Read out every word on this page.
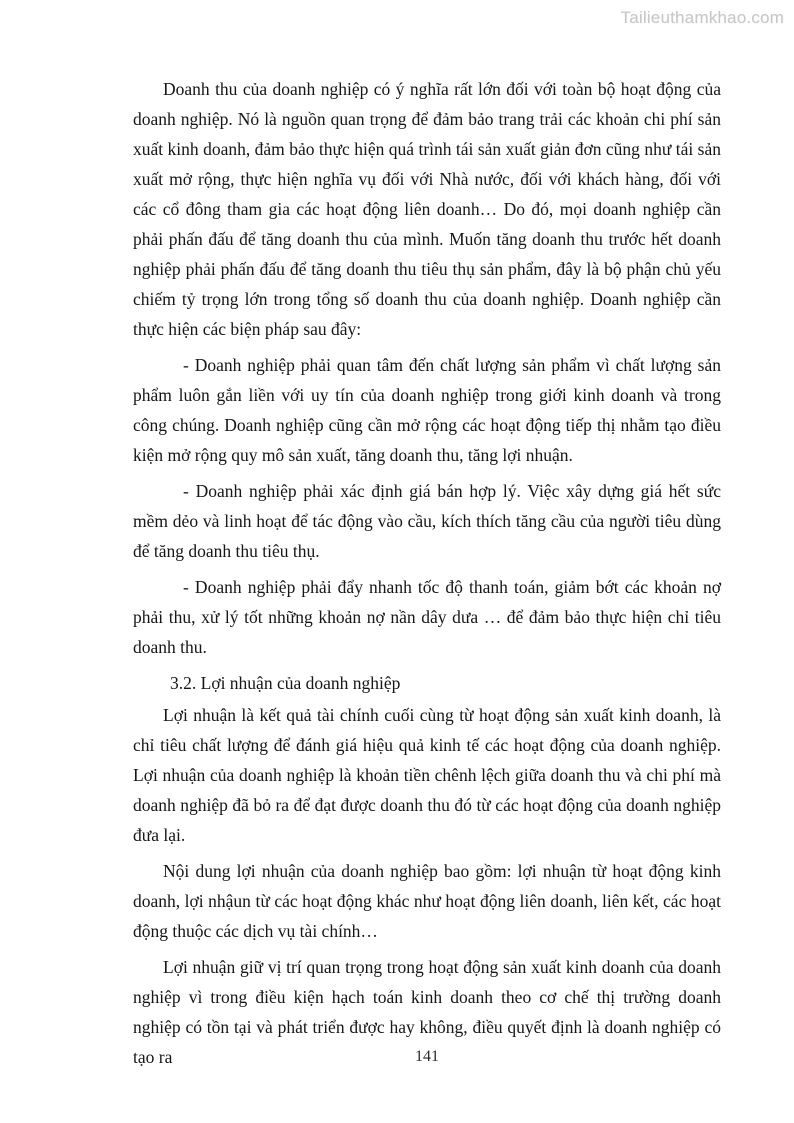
Tailieuthamkhao.com

Doanh thu của doanh nghiệp có ý nghĩa rất lớn đối với toàn bộ hoạt động của doanh nghiệp. Nó là nguồn quan trọng để đảm bảo trang trải các khoản chi phí sản xuất kinh doanh, đảm bảo thực hiện quá trình tái sản xuất giản đơn cũng như tái sản xuất mở rộng, thực hiện nghĩa vụ đối với Nhà nước, đối với khách hàng, đối với các cổ đông tham gia các hoạt động liên doanh… Do đó, mọi doanh nghiệp cần phải phấn đấu để tăng doanh thu của mình. Muốn tăng doanh thu trước hết doanh nghiệp phải phấn đấu để tăng doanh thu tiêu thụ sản phẩm, đây là bộ phận chủ yếu chiếm tỷ trọng lớn trong tổng số doanh thu của doanh nghiệp. Doanh nghiệp cần thực hiện các biện pháp sau đây:

- Doanh nghiệp phải quan tâm đến chất lượng sản phẩm vì chất lượng sản phẩm luôn gắn liền với uy tín của doanh nghiệp trong giới kinh doanh và trong công chúng. Doanh nghiệp cũng cần mở rộng các hoạt động tiếp thị nhằm tạo điều kiện mở rộng quy mô sản xuất, tăng doanh thu, tăng lợi nhuận.

- Doanh nghiệp phải xác định giá bán hợp lý. Việc xây dựng giá hết sức mềm dẻo và linh hoạt để tác động vào cầu, kích thích tăng cầu của người tiêu dùng để tăng doanh thu tiêu thụ.

- Doanh nghiệp phải đẩy nhanh tốc độ thanh toán, giảm bớt các khoản nợ phải thu, xử lý tốt những khoản nợ nần dây dưa … để đảm bảo thực hiện chỉ tiêu doanh thu.

3.2. Lợi nhuận của doanh nghiệp

Lợi nhuận là kết quả tài chính cuối cùng từ hoạt động sản xuất kinh doanh, là chỉ tiêu chất lượng để đánh giá hiệu quả kinh tế các hoạt động của doanh nghiệp. Lợi nhuận của doanh nghiệp là khoản tiền chênh lệch giữa doanh thu và chi phí mà doanh nghiệp đã bỏ ra để đạt được doanh thu đó từ các hoạt động của doanh nghiệp đưa lại.

Nội dung lợi nhuận của doanh nghiệp bao gồm: lợi nhuận từ hoạt động kinh doanh, lợi nhậun từ các hoạt động khác như hoạt động liên doanh, liên kết, các hoạt động thuộc các dịch vụ tài chính…

Lợi nhuận giữ vị trí quan trọng trong hoạt động sản xuất kinh doanh của doanh nghiệp vì trong điều kiện hạch toán kinh doanh theo cơ chế thị trường doanh nghiệp có tồn tại và phát triển được hay không, điều quyết định là doanh nghiệp có tạo ra	141
